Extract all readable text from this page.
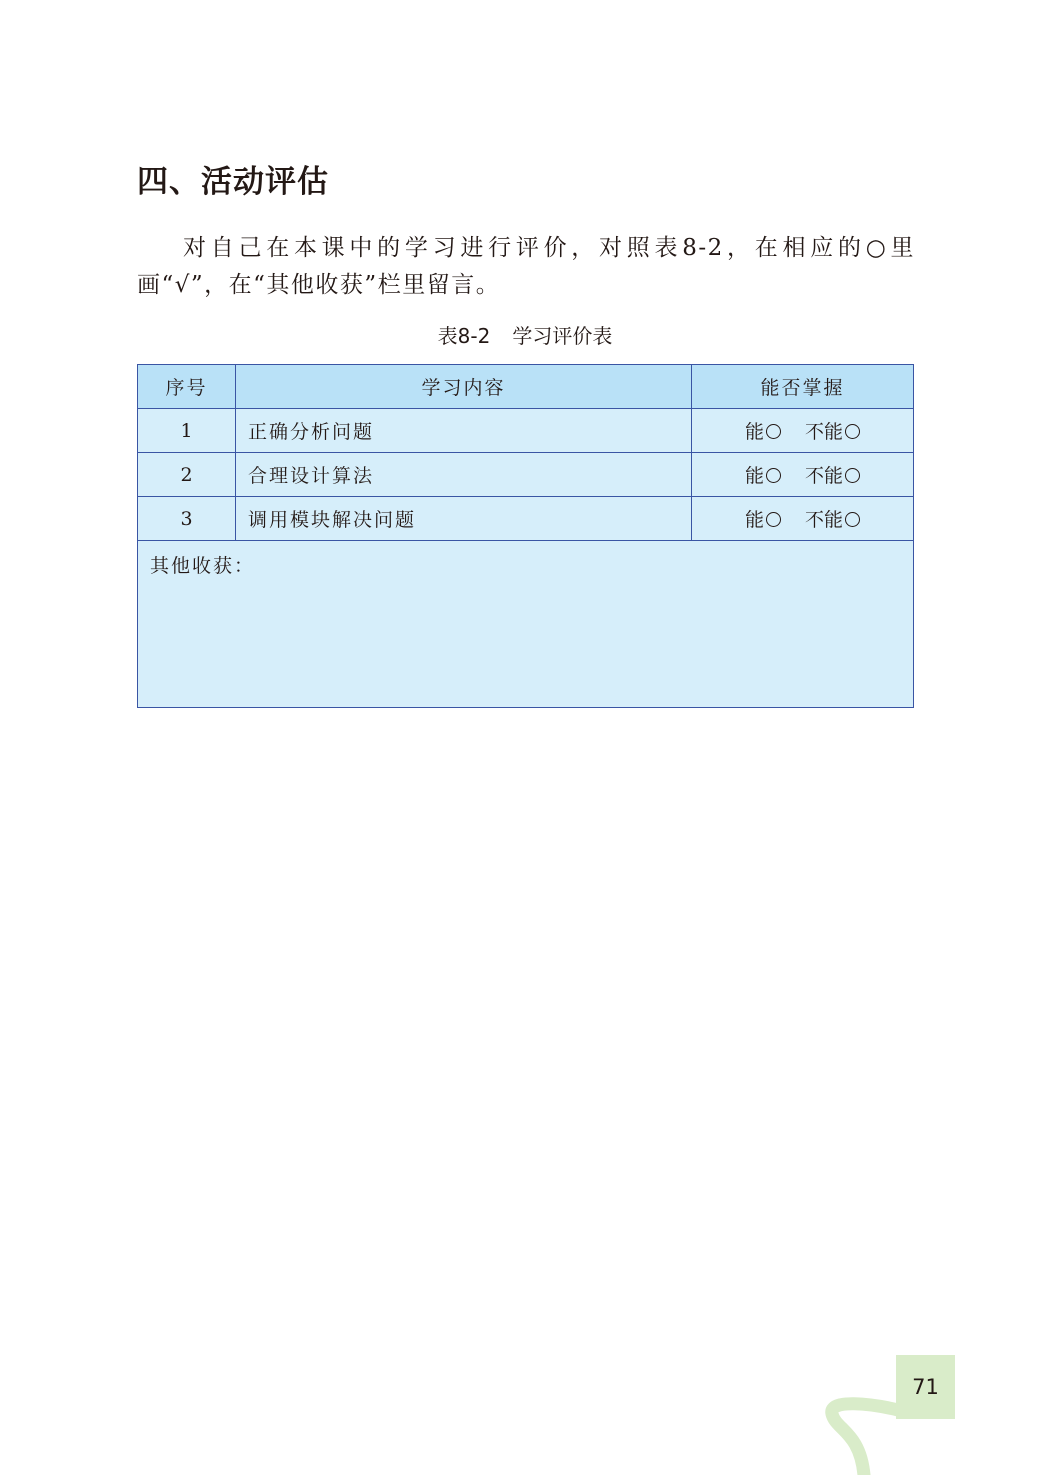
四、活动评估

对自己在本课中的学习进行评价，对照表8-2，在相应的○里画“√”，在“其他收获”栏里留言。

表8-2 学习评价表

序号	学习内容	能否掌握
1	正确分析问题	能 不能
2	合理设计算法	能 不能
3	调用模块解决问题	能 不能
其他收获：		
71
